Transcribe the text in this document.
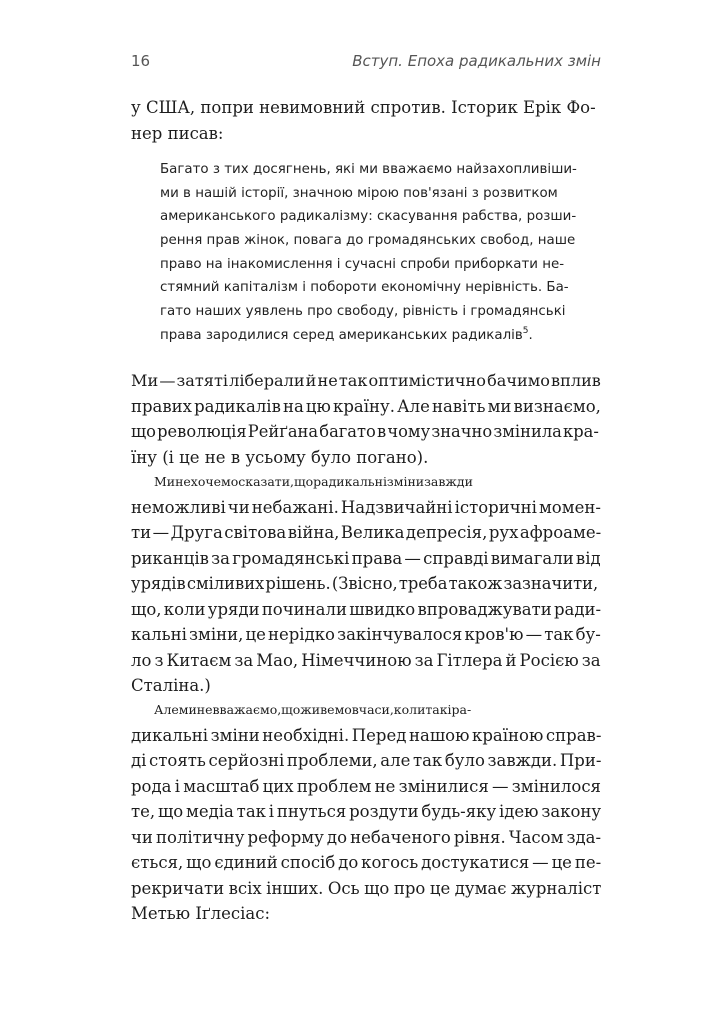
16	Вступ. Епоха радикальних змін
у США, попри невимовний спротив. Історик Ерік Фо-
нер писав:
Багато з тих досягнень, які ми вважаємо найзахопливіши-
ми в нашій історії, значною мірою пов'язані з розвитком
американського радикалізму: скасування рабства, розши-
рення прав жінок, повага до громадянських свобод, наше
право на інакомислення і сучасні спроби приборкати не-
стямний капіталізм і побороти економічну нерівність. Ба-
гато наших уявлень про свободу, рівність і громадянські
права зародилися серед американських радикалів$^5$.
Ми — затяті ліберали й не так оптимістично бачимо вплив
правих радикалів на цю країну. Але навіть ми визнаємо,
що революція Рейґана багато в чому значно змінила кра-
їну (і це не в усьому було погано).
Ми не хочемо сказати, що радикальні зміни завжди
неможливі чи небажані. Надзвичайні історичні момен-
ти — Друга світова війна, Велика депресія, рух афроаме-
риканців за громадянські права — справді вимагали від
урядів сміливих рішень. (Звісно, треба також зазначити,
що, коли уряди починали швидко впроваджувати ради-
кальні зміни, це нерідко закінчувалося кров'ю — так бу-
ло з Китаєм за Мао, Німеччиною за Гітлера й Росією за
Сталіна.)
Але ми не вважаємо, що живемо в часи, коли такі ра-
дикальні зміни необхідні. Перед нашою країною справ-
ді стоять серйозні проблеми, але так було завжди. При-
рода і масштаб цих проблем не змінилися — змінилося
те, що медіа так і пнуться роздути будь-яку ідею закону
чи політичну реформу до небаченого рівня. Часом зда-
ється, що єдиний спосіб до когось достукатися — це пе-
рекричати всіх інших. Ось що про це думає журналіст
Метью Іґлесіас:
